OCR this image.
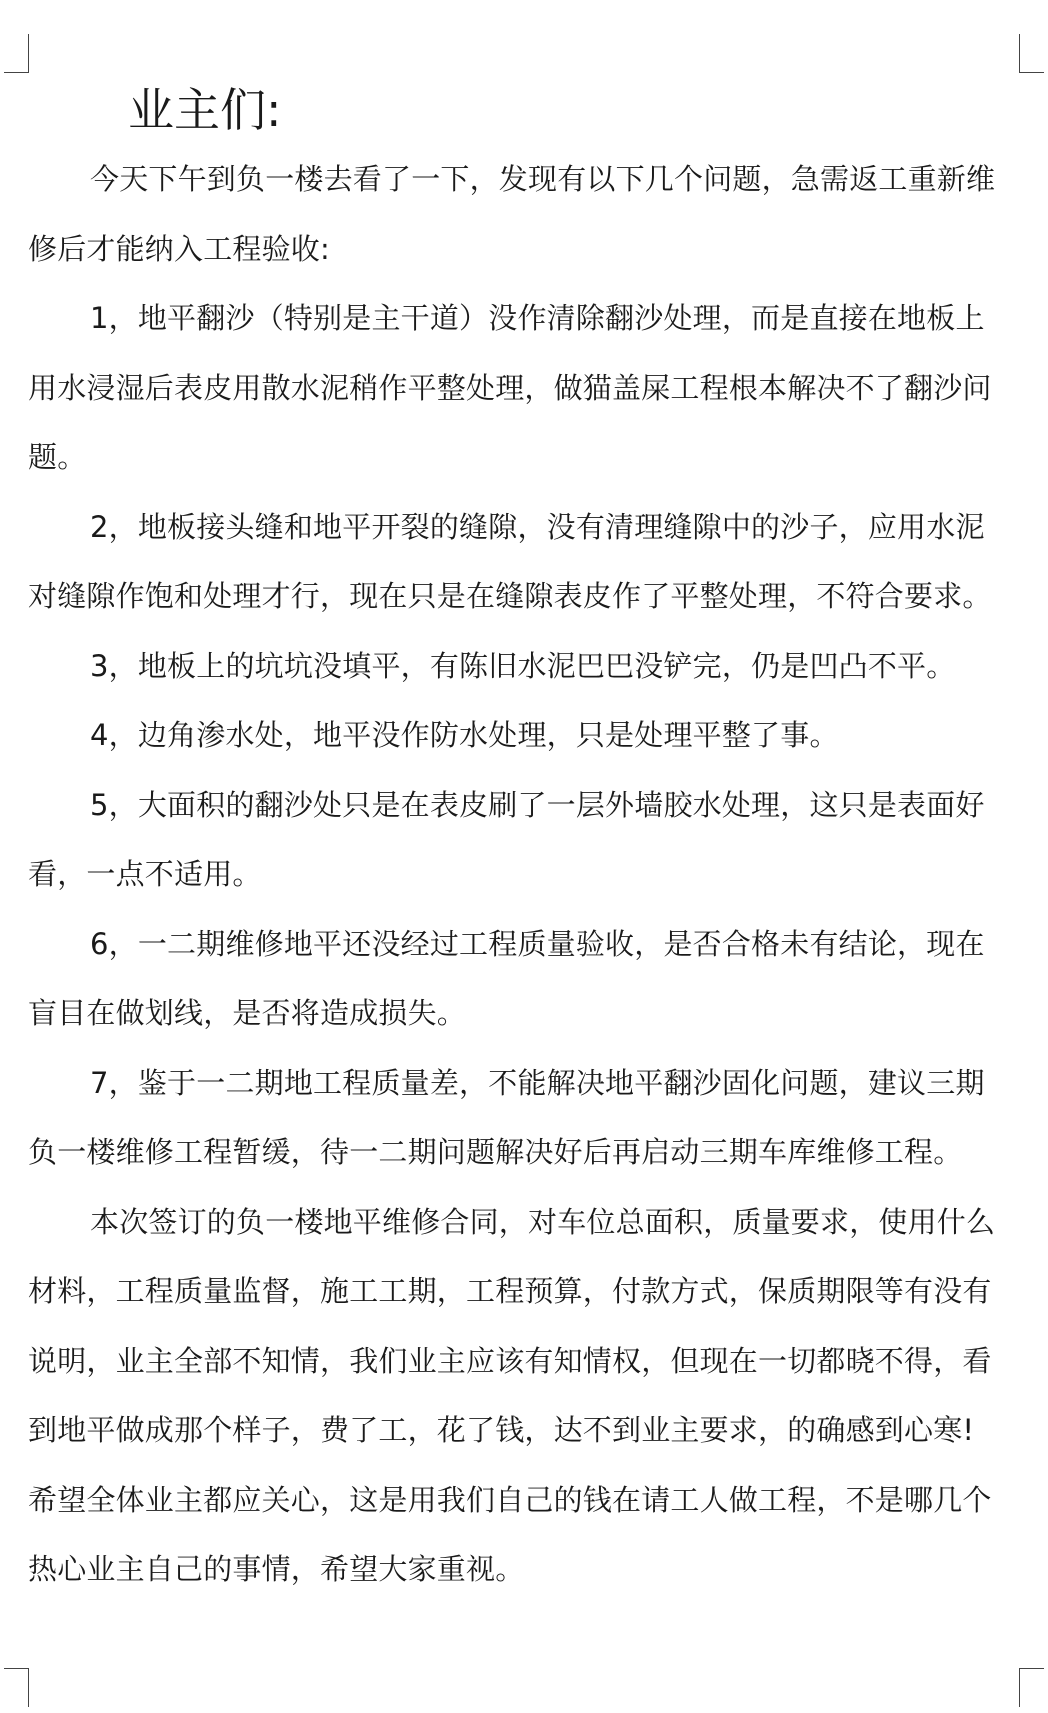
业主们:
今天下午到负一楼去看了一下，发现有以下几个问题，急需返工重新维
修后才能纳入工程验收:
1，地平翻沙（特别是主干道）没作清除翻沙处理，而是直接在地板上
用水浸湿后表皮用散水泥稍作平整处理，做猫盖屎工程根本解决不了翻沙问
题。
2，地板接头缝和地平开裂的缝隙，没有清理缝隙中的沙子，应用水泥
对缝隙作饱和处理才行，现在只是在缝隙表皮作了平整处理，不符合要求。
3，地板上的坑坑没填平，有陈旧水泥巴巴没铲完，仍是凹凸不平。
4，边角渗水处，地平没作防水处理，只是处理平整了事。
5，大面积的翻沙处只是在表皮刷了一层外墙胶水处理，这只是表面好
看，一点不适用。
6，一二期维修地平还没经过工程质量验收，是否合格未有结论，现在
盲目在做划线，是否将造成损失。
7，鉴于一二期地工程质量差，不能解决地平翻沙固化问题，建议三期
负一楼维修工程暂缓，待一二期问题解决好后再启动三期车库维修工程。
本次签订的负一楼地平维修合同，对车位总面积，质量要求，使用什么
材料，工程质量监督，施工工期，工程预算，付款方式，保质期限等有没有
说明，业主全部不知情，我们业主应该有知情权，但现在一切都晓不得，看
到地平做成那个样子，费了工，花了钱，达不到业主要求，的确感到心寒!
希望全体业主都应关心，这是用我们自己的钱在请工人做工程，不是哪几个
热心业主自己的事情，希望大家重视。
